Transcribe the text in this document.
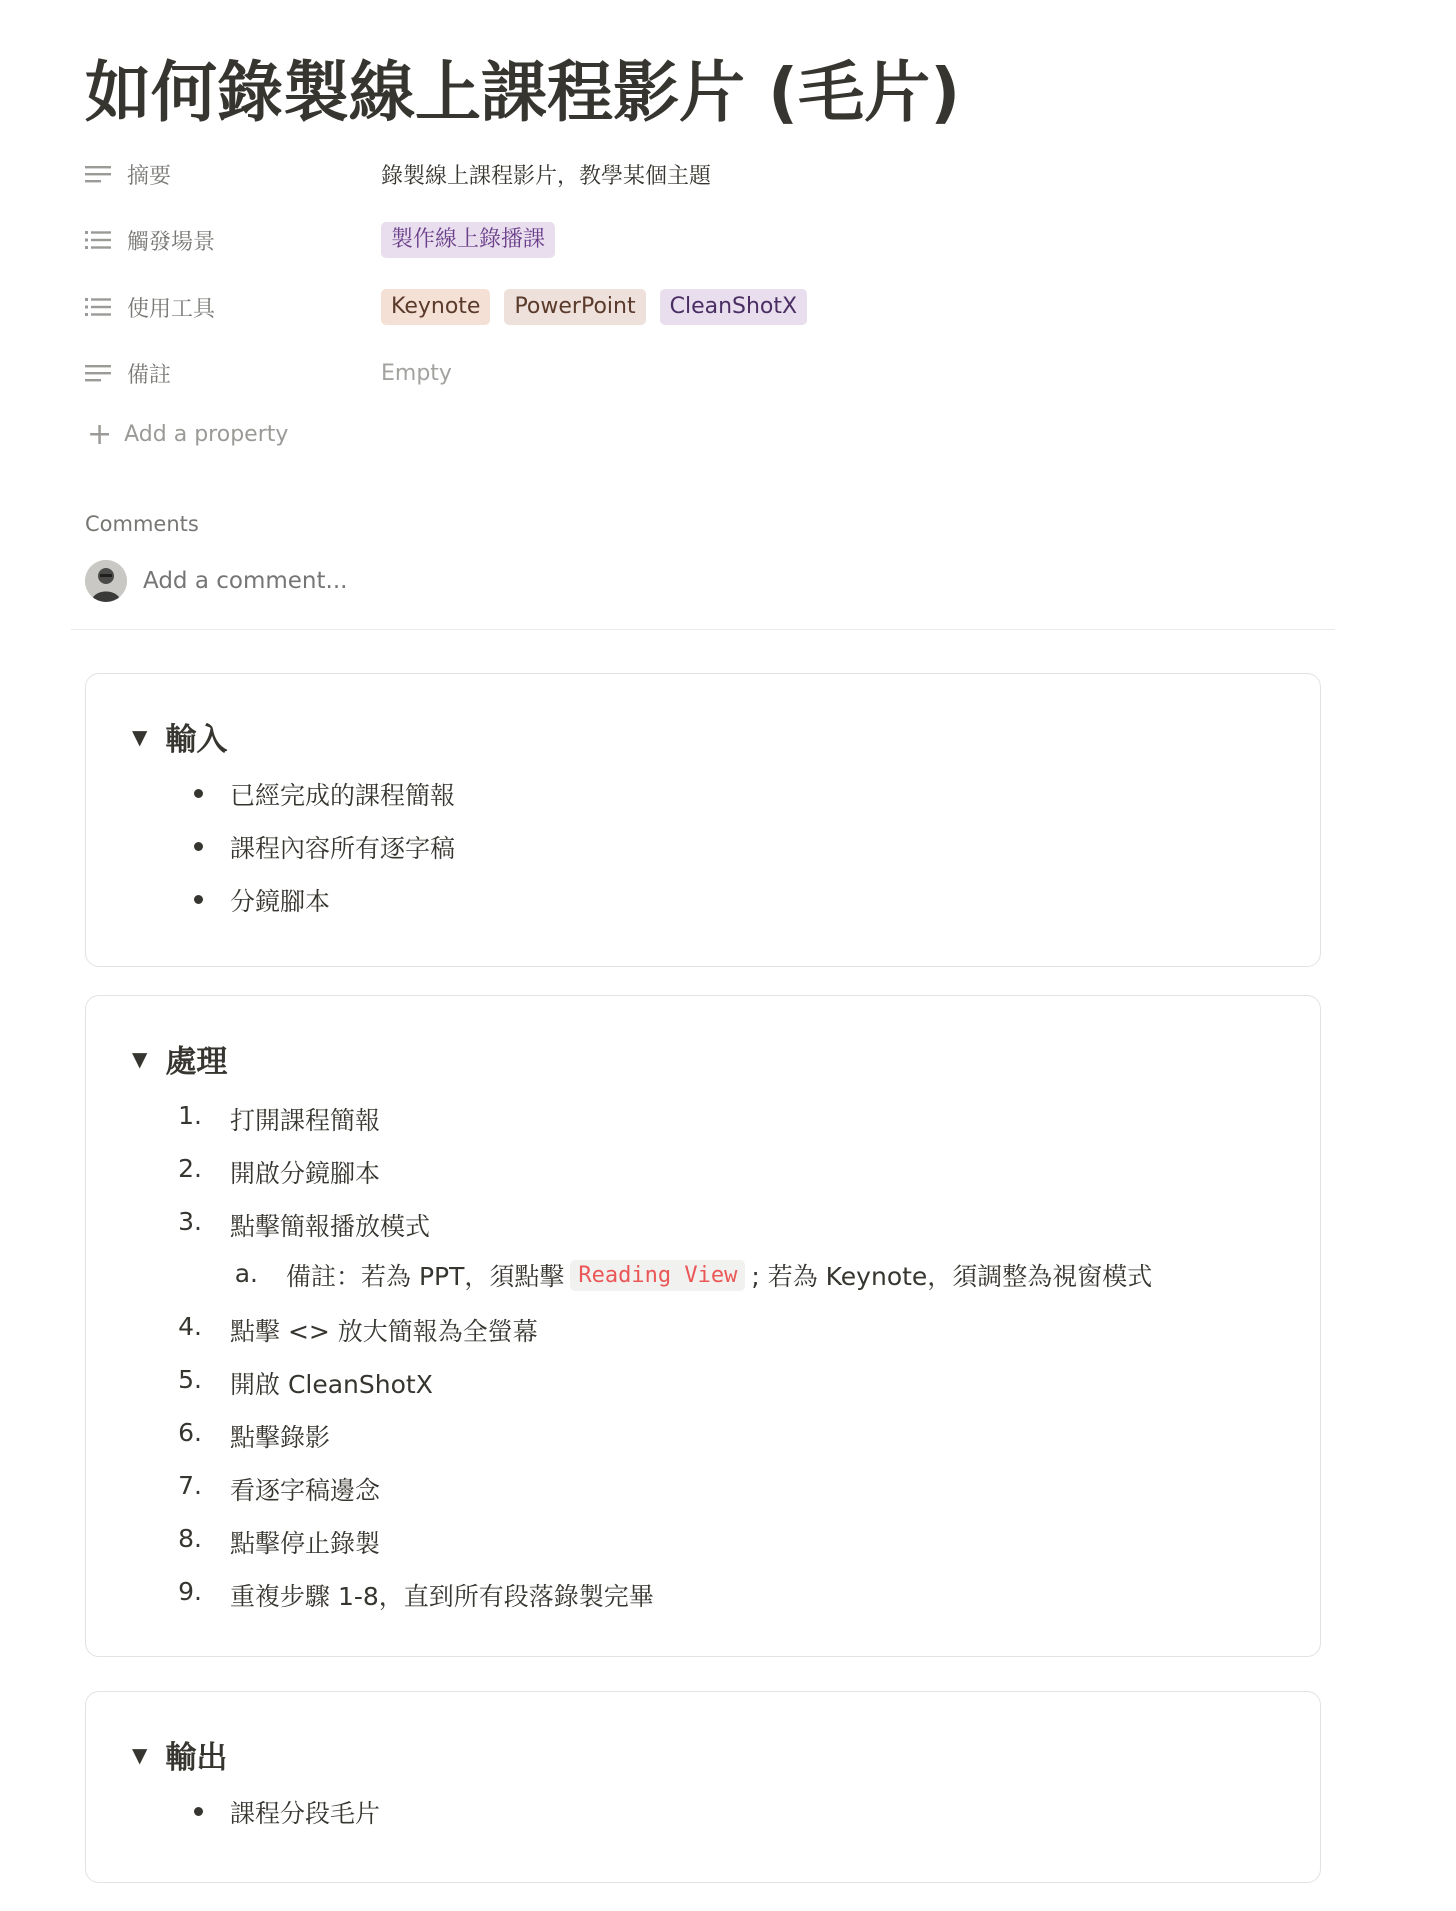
如何錄製線上課程影片 (毛片)
摘要	錄製線上課程影片，教學某個主題
觸發場景	製作線上錄播課
使用工具	Keynote	PowerPoint	CleanShotX
備註	Empty
+ Add a property
Comments
Add a comment...
▼ 輸入
已經完成的課程簡報
課程內容所有逐字稿
分鏡腳本
▼ 處理
1. 打開課程簡報
2. 開啟分鏡腳本
3. 點擊簡報播放模式
a. 備註：若為 PPT，須點擊 Reading View ; 若為 Keynote，須調整為視窗模式
4. 點擊 <> 放大簡報為全螢幕
5. 開啟 CleanShotX
6. 點擊錄影
7. 看逐字稿邊念
8. 點擊停止錄製
9. 重複步驟 1-8，直到所有段落錄製完畢
▼ 輸出
課程分段毛片
